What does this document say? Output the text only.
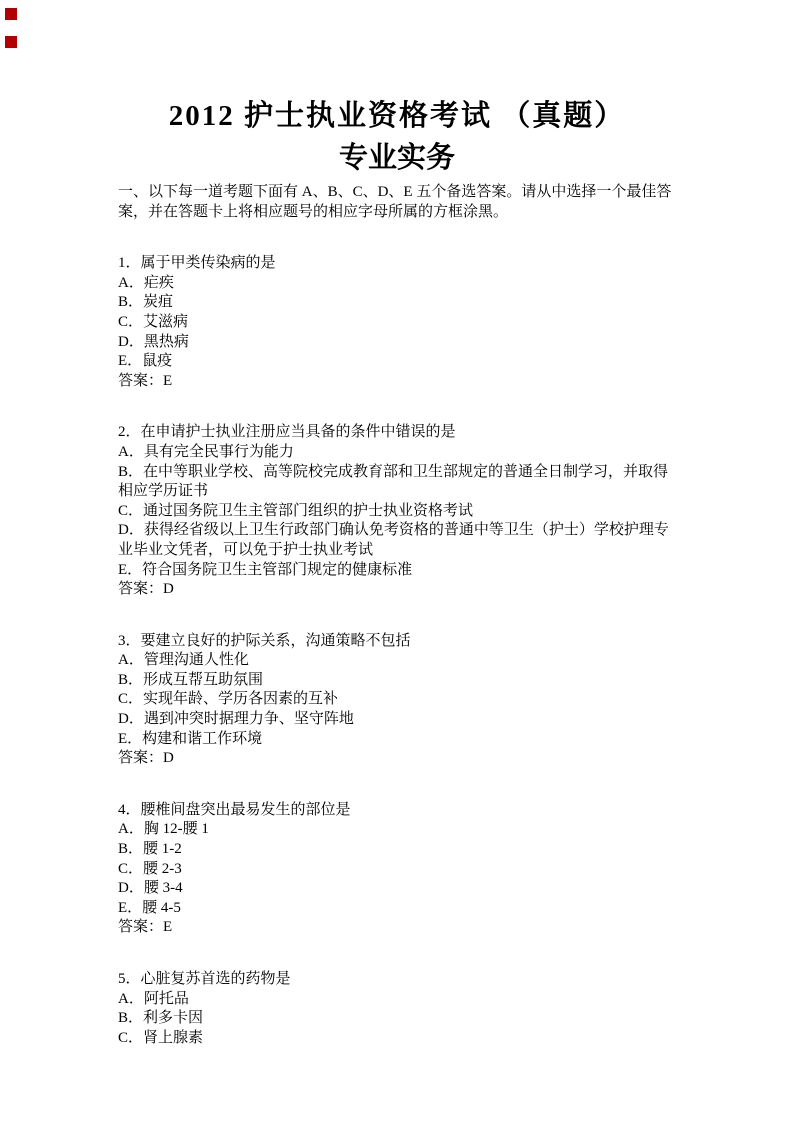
2012 护士执业资格考试 （真题）
专业实务

一、以下每一道考题下面有 A、B、C、D、E 五个备选答案。请从中选择一个最佳答案，并在答题卡上将相应题号的相应字母所属的方框涂黑。

1．属于甲类传染病的是

A．疟疾

B．炭疽

C．艾滋病

D．黑热病

E．鼠疫

答案：E

2．在申请护士执业注册应当具备的条件中错误的是

A．具有完全民事行为能力

B．在中等职业学校、高等院校完成教育部和卫生部规定的普通全日制学习，并取得相应学历证书

C．通过国务院卫生主管部门组织的护士执业资格考试

D．获得经省级以上卫生行政部门确认免考资格的普通中等卫生（护士）学校护理专业毕业文凭者，可以免于护士执业考试

E．符合国务院卫生主管部门规定的健康标准

答案：D

3．要建立良好的护际关系，沟通策略不包括

A．管理沟通人性化

B．形成互帮互助氛围

C．实现年龄、学历各因素的互补

D．遇到冲突时据理力争、坚守阵地

E．构建和谐工作环境

答案：D

4．腰椎间盘突出最易发生的部位是

A．胸 12-腰 1

B．腰 1-2

C．腰 2-3

D．腰 3-4

E．腰 4-5

答案：E

5．心脏复苏首选的药物是

A．阿托品

B．利多卡因

C．肾上腺素
